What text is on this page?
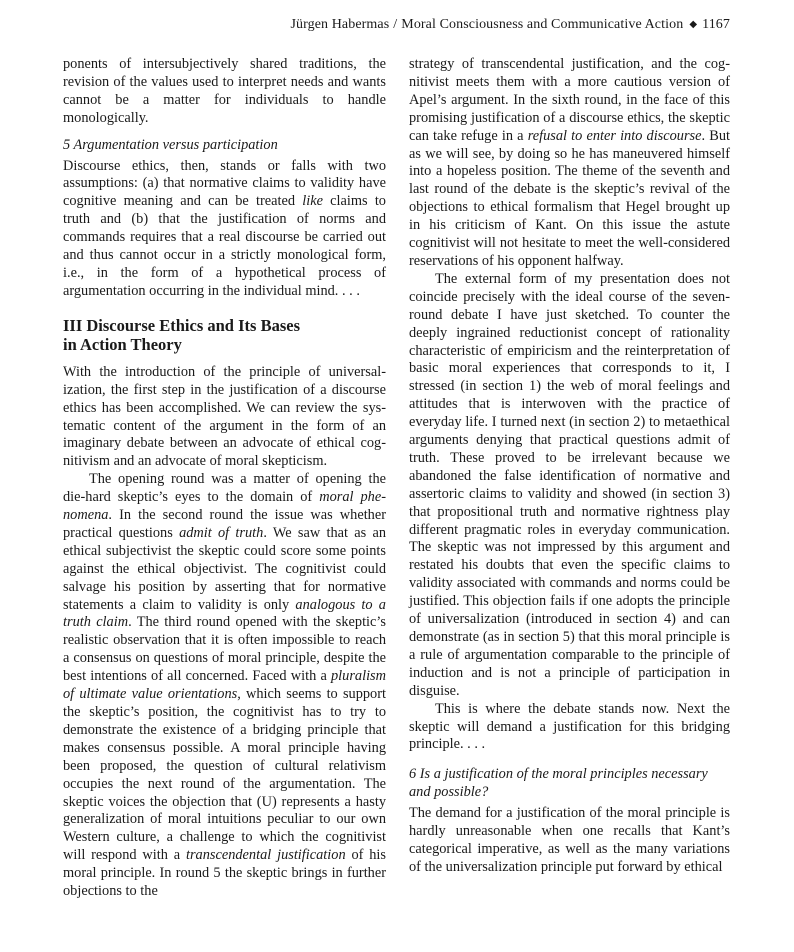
Jürgen Habermas / Moral Consciousness and Communicative Action ◆ 1167

ponents of intersubjectively shared traditions, the revision of the values used to interpret needs and wants cannot be a matter for individuals to handle monologically.

5 Argumentation versus participation

Discourse ethics, then, stands or falls with two assumptions: (a) that normative claims to validity have cognitive meaning and can be treated like claims to truth and (b) that the justification of norms and commands requires that a real discourse be carried out and thus cannot occur in a strictly monological form, i.e., in the form of a hypothetical process of argumentation occurring in the individual mind. . . .

III Discourse Ethics and Its Bases
in Action Theory

With the introduction of the principle of universalization, the first step in the justification of a discourse ethics has been accomplished. We can review the systematic content of the argument in the form of an imaginary debate between an advocate of ethical cognitivism and an advocate of moral skepticism.

The opening round was a matter of opening the die-hard skeptic’s eyes to the domain of moral phenomena. In the second round the issue was whether practical questions admit of truth. We saw that as an ethical subjectivist the skeptic could score some points against the ethical objectivist. The cognitivist could salvage his position by asserting that for normative statements a claim to validity is only analogous to a truth claim. The third round opened with the skeptic’s realistic observation that it is often impossible to reach a consensus on questions of moral principle, despite the best intentions of all concerned. Faced with a pluralism of ultimate value orientations, which seems to support the skeptic’s position, the cognitivist has to try to demonstrate the existence of a bridging principle that makes consensus possible. A moral principle having been proposed, the question of cultural relativism occupies the next round of the argumentation. The skeptic voices the objection that (U) represents a hasty generalization of moral intuitions peculiar to our own Western culture, a challenge to which the cognitivist will respond with a transcendental justification of his moral principle. In round 5 the skeptic brings in further objections to the

strategy of transcendental justification, and the cognitivist meets them with a more cautious version of Apel’s argument. In the sixth round, in the face of this promising justification of a discourse ethics, the skeptic can take refuge in a refusal to enter into discourse. But as we will see, by doing so he has maneuvered himself into a hopeless position. The theme of the seventh and last round of the debate is the skeptic’s revival of the objections to ethical formalism that Hegel brought up in his criticism of Kant. On this issue the astute cognitivist will not hesitate to meet the well-considered reservations of his opponent halfway.

The external form of my presentation does not coincide precisely with the ideal course of the seven-round debate I have just sketched. To counter the deeply ingrained reductionist concept of rationality characteristic of empiricism and the reinterpretation of basic moral experiences that corresponds to it, I stressed (in section 1) the web of moral feelings and attitudes that is interwoven with the practice of everyday life. I turned next (in section 2) to metaethical arguments denying that practical questions admit of truth. These proved to be irrelevant because we abandoned the false identification of normative and assertoric claims to validity and showed (in section 3) that propositional truth and normative rightness play different pragmatic roles in everyday communication. The skeptic was not impressed by this argument and restated his doubts that even the specific claims to validity associated with commands and norms could be justified. This objection fails if one adopts the principle of universalization (introduced in section 4) and can demonstrate (as in section 5) that this moral principle is a rule of argumentation comparable to the principle of induction and is not a principle of participation in disguise.

This is where the debate stands now. Next the skeptic will demand a justification for this bridging principle. . . .

6 Is a justification of the moral principles necessary and possible?

The demand for a justification of the moral principle is hardly unreasonable when one recalls that Kant’s categorical imperative, as well as the many variations of the universalization principle put forward by ethical
